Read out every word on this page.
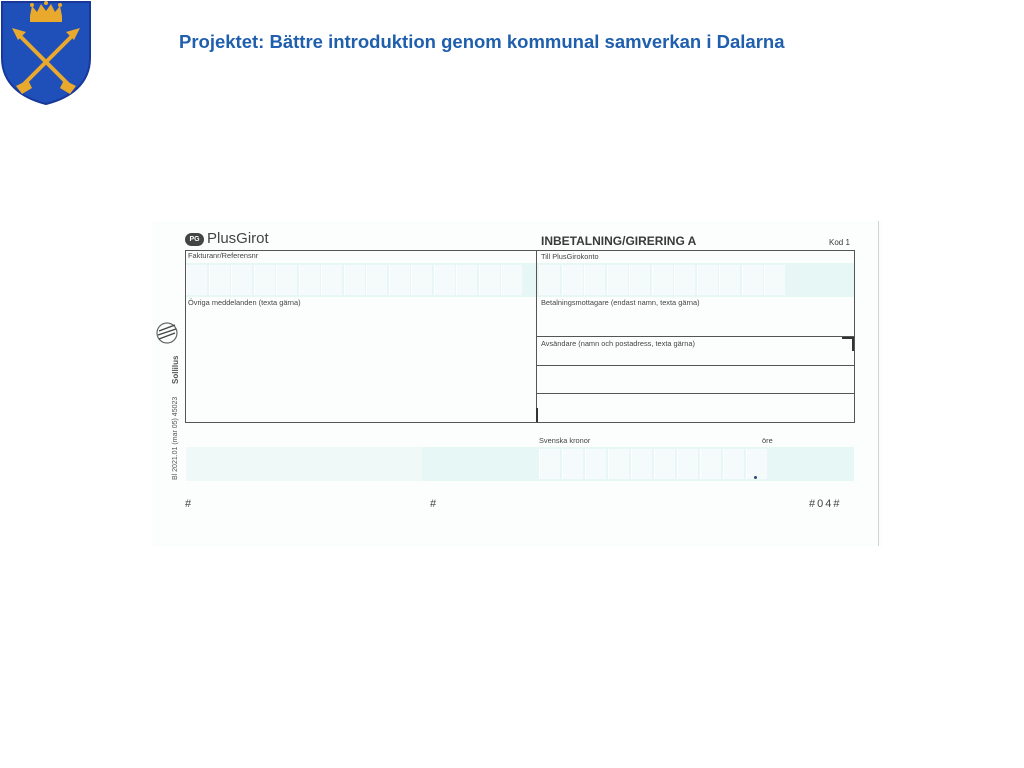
Projektet: Bättre introduktion genom kommunal samverkan i Dalarna
PG PlusGirot	INBETALNING/GIRERING A	Kod 1
Fakturanr/Referensnr	Till PlusGirokonto
Övriga meddelanden (texta gärna)	Betalningsmottagare (endast namn, texta gärna)
Avsändare (namn och postadress, texta gärna)
Svenska kronor	öre
#	#	#04#
Sollilus
Bl 2021.01 (mar 05) 45023
